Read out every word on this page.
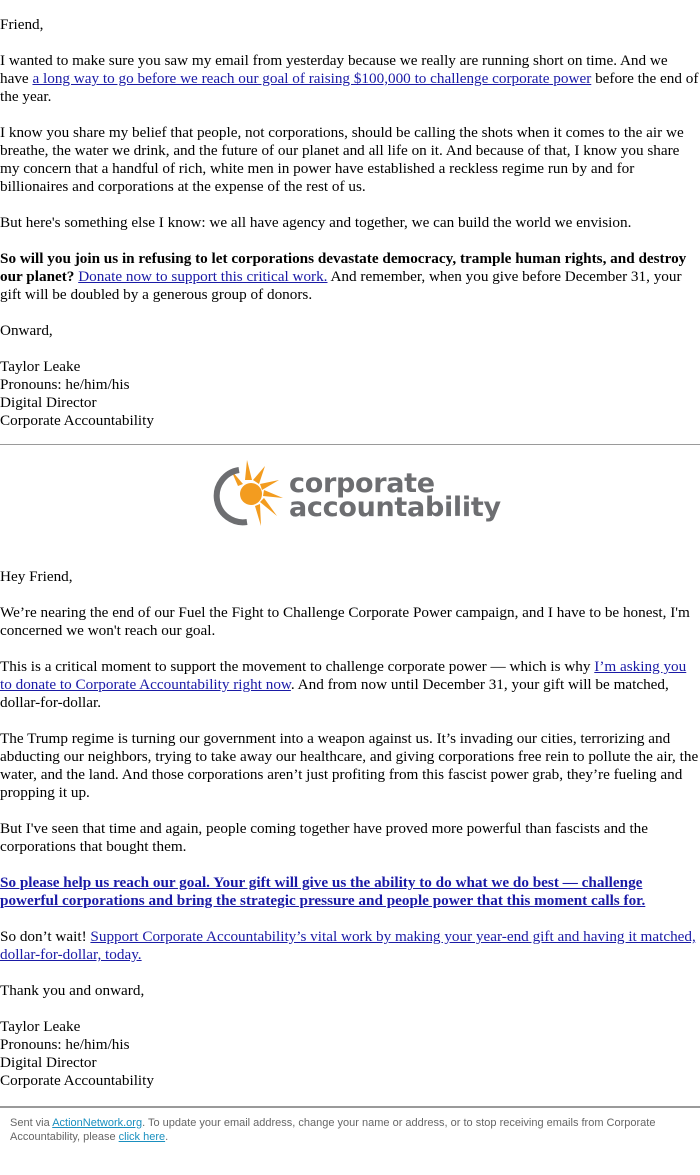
Friend,

I wanted to make sure you saw my email from yesterday because we really are running short on time. And we have a long way to go before we reach our goal of raising $100,000 to challenge corporate power before the end of the year.

I know you share my belief that people, not corporations, should be calling the shots when it comes to the air we breathe, the water we drink, and the future of our planet and all life on it. And because of that, I know you share my concern that a handful of rich, white men in power have established a reckless regime run by and for billionaires and corporations at the expense of the rest of us.

But here's something else I know: we all have agency and together, we can build the world we envision.

So will you join us in refusing to let corporations devastate democracy, trample human rights, and destroy our planet? Donate now to support this critical work. And remember, when you give before December 31, your gift will be doubled by a generous group of donors.

Onward,

Taylor Leake
Pronouns: he/him/his
Digital Director
Corporate Accountability
corporate
accountability

Hey Friend,

We’re nearing the end of our Fuel the Fight to Challenge Corporate Power campaign, and I have to be honest, I'm concerned we won't reach our goal.

This is a critical moment to support the movement to challenge corporate power — which is why I’m asking you to donate to Corporate Accountability right now. And from now until December 31, your gift will be matched, dollar-for-dollar.

The Trump regime is turning our government into a weapon against us. It’s invading our cities, terrorizing and abducting our neighbors, trying to take away our healthcare, and giving corporations free rein to pollute the air, the water, and the land. And those corporations aren’t just profiting from this fascist power grab, they’re fueling and propping it up.

But I've seen that time and again, people coming together have proved more powerful than fascists and the corporations that bought them.

So please help us reach our goal. Your gift will give us the ability to do what we do best — challenge powerful corporations and bring the strategic pressure and people power that this moment calls for.

So don’t wait! Support Corporate Accountability’s vital work by making your year-end gift and having it matched, dollar-for-dollar, today.

Thank you and onward,

Taylor Leake
Pronouns: he/him/his
Digital Director
Corporate Accountability
Sent via ActionNetwork.org. To update your email address, change your name or address, or to stop receiving emails from Corporate Accountability, please click here.
